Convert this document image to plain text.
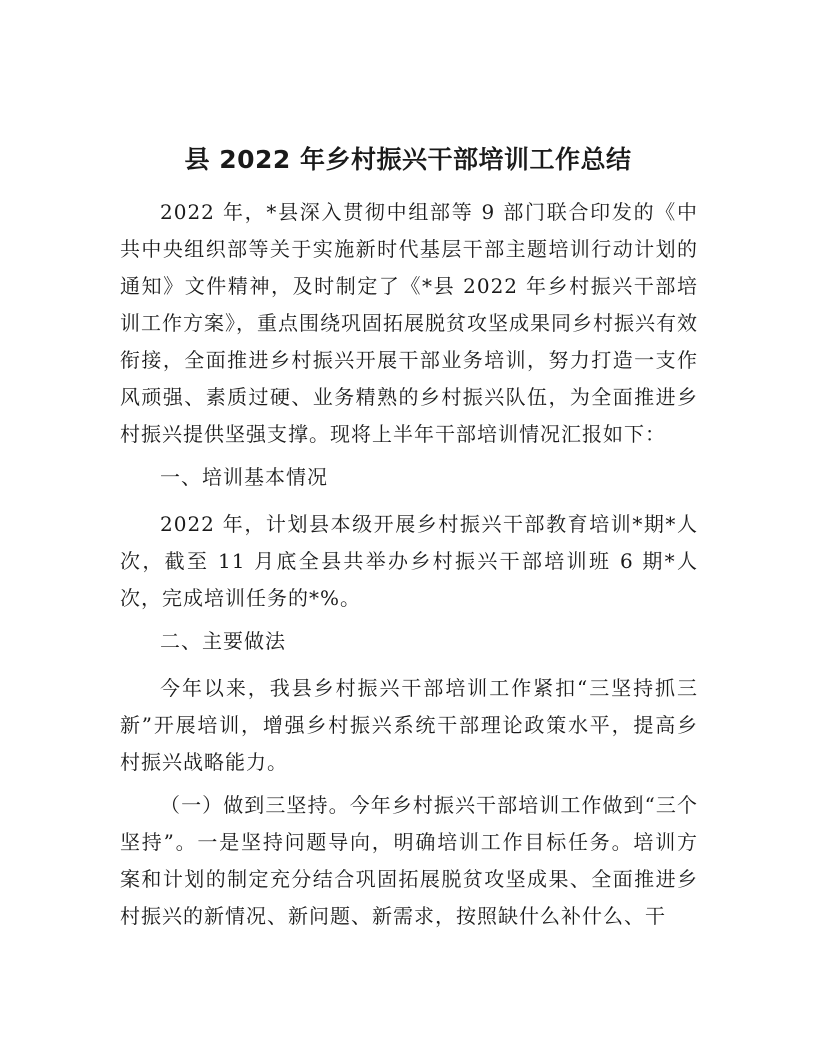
县 2022 年乡村振兴干部培训工作总结

2022 年，*县深入贯彻中组部等 9 部门联合印发的《中共中央组织部等关于实施新时代基层干部主题培训行动计划的通知》文件精神，及时制定了《*县 2022 年乡村振兴干部培训工作方案》，重点围绕巩固拓展脱贫攻坚成果同乡村振兴有效衔接，全面推进乡村振兴开展干部业务培训，努力打造一支作风顽强、素质过硬、业务精熟的乡村振兴队伍，为全面推进乡村振兴提供坚强支撑。现将上半年干部培训情况汇报如下：

一、培训基本情况

2022 年，计划县本级开展乡村振兴干部教育培训*期*人次，截至 11 月底全县共举办乡村振兴干部培训班 6 期*人次，完成培训任务的*%。

二、主要做法

今年以来，我县乡村振兴干部培训工作紧扣“三坚持抓三新”开展培训，增强乡村振兴系统干部理论政策水平，提高乡村振兴战略能力。

（一）做到三坚持。今年乡村振兴干部培训工作做到“三个坚持”。一是坚持问题导向，明确培训工作目标任务。培训方案和计划的制定充分结合巩固拓展脱贫攻坚成果、全面推进乡村振兴的新情况、新问题、新需求，按照缺什么补什么、干
